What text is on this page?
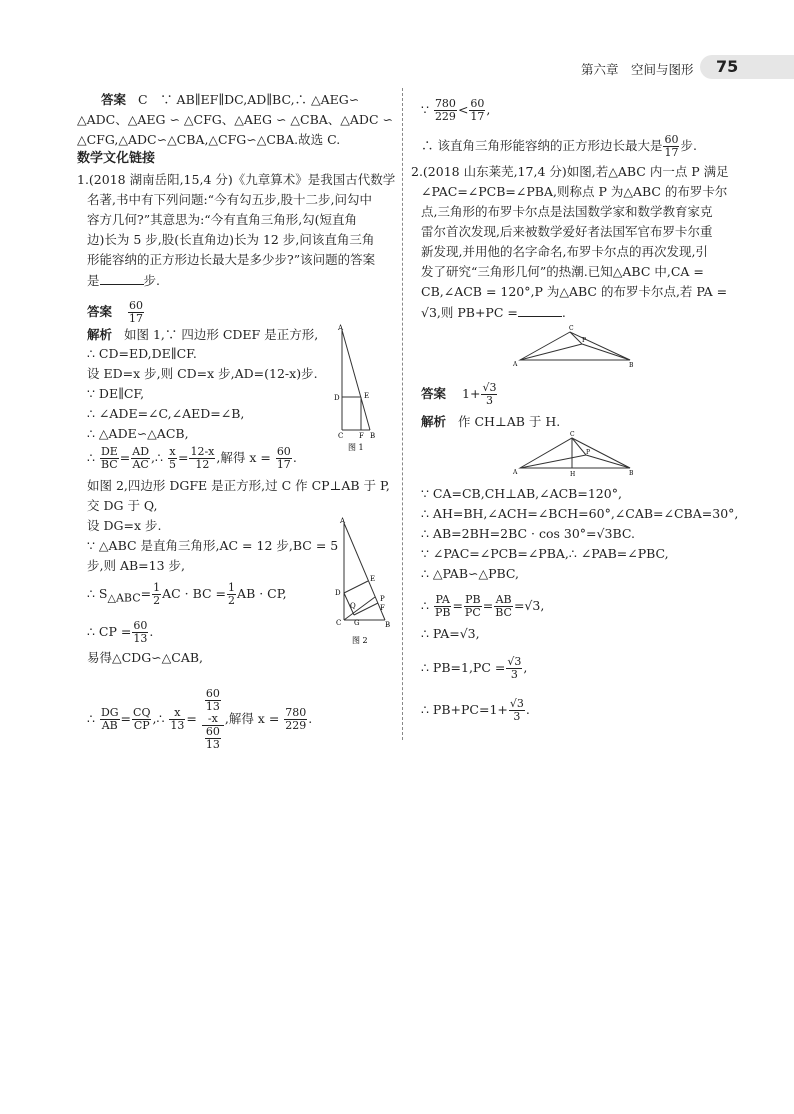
第六章　空间与图形 75
答案 C　∵ AB∥EF∥DC,AD∥BC,∴ △AEG∽
△ADC、△AEG ∽ △CFG、△AEG ∽ △CBA、△ADC ∽
△CFG,△ADC∽△CBA,△CFG∽△CBA.故选 C.
数学文化链接
1.(2018 湖南岳阳,15,4 分)《九章算术》是我国古代数学
名著,书中有下列问题:“今有勾五步,股十二步,问勾中
容方几何?”其意思为:“今有直角三角形,勾(短直角
边)长为 5 步,股(长直角边)长为 12 步,问该直角三角
形能容纳的正方形边长最大是多少步?”该问题的答案
是	步.
答案 $\frac{60}{17}$
解析 如图 1,∵ 四边形 CDEF 是正方形,
∴ CD=ED,DE∥CF.
设 ED=x 步,则 CD=x 步,AD=(12-x)步.
∵ DE∥CF,
∴ ∠ADE=∠C,∠AED=∠B,
∴ △ADE∽△ACB,
∴ $\frac{DE}{BC} = \frac{AD}{AC}$ ,∴ $\frac{x}{5} = \frac{12-x}{12}$ ,解得 $x = \frac{60}{17}$ .
如图 2,四边形 DGFE 是正方形,过 C 作 CP⊥AB 于 P,
交 DG 于 Q,
设 DG=x 步.
∵ △ABC 是直角三角形,AC = 12 步,BC = 5
步,则 AB=13 步,
∴ $S_{\triangle ABC}= \frac{1}{2}$ AC · BC = $\frac{1}{2}$ AB · CP,
∴ CP = $\frac{60}{13}$ .
易得△CDG∽△CAB,
∴ $\frac{DG}{AB} = \frac{CQ}{CP}$ ,∴ $\frac{x}{13} = 60$
13
-x
60
13 ,解得 $x = \frac{780}{229}$ .
A
D	E
C F B
图 1
A
D
E
Q
P
F
C G	B
图 2
∵ $\frac{780}{229} < \frac{60}{17}$ ,
∴ 该直角三角形能容纳的正方形边长最大是 $\frac{60}{17}$ 步.
2.(2018 山东莱芜,17,4 分)如图,若△ABC 内一点 P 满足
∠PAC=∠PCB=∠PBA,则称点 P 为△ABC 的布罗卡尔
点,三角形的布罗卡尔点是法国数学家和数学教育家克
雷尔首次发现,后来被数学爱好者法国军官布罗卡尔重
新发现,并用他的名字命名,布罗卡尔点的再次发现,引
发了研究“三角形几何”的热潮.已知△ABC 中,CA =
CB,∠ACB = 120°,P 为△ABC 的布罗卡尔点,若 PA =
√3,则 PB+PC =	.
A
C
P
B
答案 $1+ \frac{√3}{3}$
解析 作 CH⊥AB 于 H.
A
C
P
H	B
∵ CA=CB,CH⊥AB,∠ACB=120°,
∴ AH=BH,∠ACH=∠BCH=60°,∠CAB=∠CBA=30°,
∴ AB=2BH=2BC · cos 30°=√3BC.
∵ ∠PAC=∠PCB=∠PBA,∴ ∠PAB=∠PBC,
∴ △PAB∽△PBC,
∴ $\frac{PA}{PB} = \frac{PB}{PC} = \frac{AB}{BC} =√3$,
∴ PA=√3,
∴ $PB=1,PC = \frac{√3}{3}$ ,
∴ $PB+PC=1+ \frac{√3}{3}$ .
